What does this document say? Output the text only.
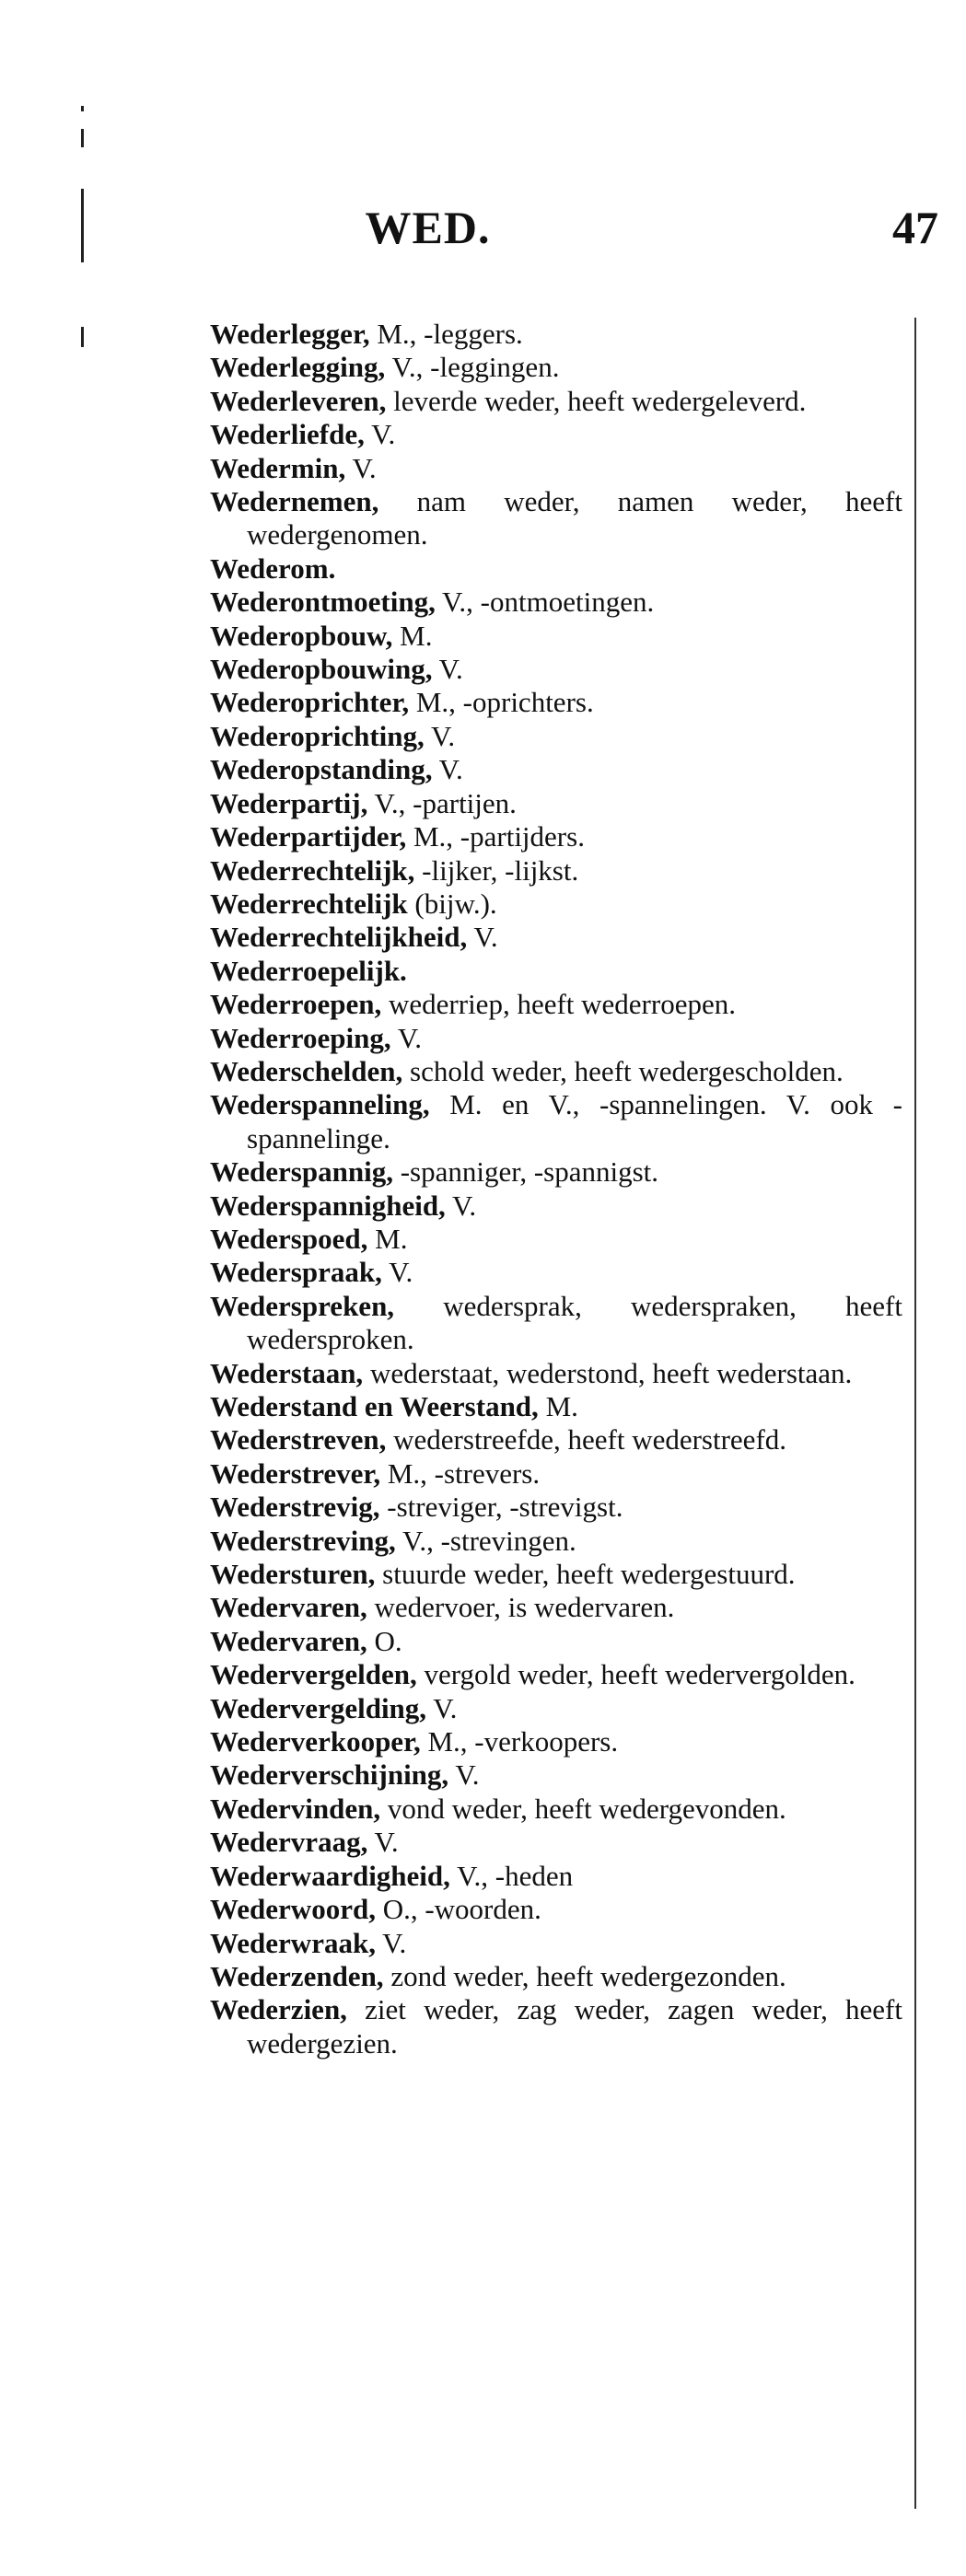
WED.	47

Wederlegger, M., -leggers.

Wederlegging, V., -leggingen.

Wederleveren, leverde weder, heeft wedergeleverd.

Wederliefde, V.

Wedermin, V.

Wedernemen, nam weder, namen weder, heeft wedergenomen.

Wederom.

Wederontmoeting, V., -ontmoetingen.

Wederopbouw, M.

Wederopbouwing, V.

Wederoprichter, M., -oprichters.

Wederoprichting, V.

Wederopstanding, V.

Wederpartij, V., -partijen.

Wederpartijder, M., -partijders.

Wederrechtelijk, -lijker, -lijkst.

Wederrechtelijk (bijw.).

Wederrechtelijkheid, V.

Wederroepelijk.

Wederroepen, wederriep, heeft wederroepen.

Wederroeping, V.

Wederschelden, schold weder, heeft wedergescholden.

Wederspanneling, M. en V., -spannelingen. V. ook -spannelinge.

Wederspannig, -spanniger, -spannigst.

Wederspannigheid, V.

Wederspoed, M.

Wederspraak, V.

Wederspreken, wedersprak, wederspraken, heeft wedersproken.

Wederstaan, wederstaat, wederstond, heeft wederstaan.

Wederstand en Weerstand, M.

Wederstreven, wederstreefde, heeft wederstreefd.

Wederstrever, M., -strevers.

Wederstrevig, -streviger, -strevigst.

Wederstreving, V., -strevingen.

Wedersturen, stuurde weder, heeft wedergestuurd.

Wedervaren, wedervoer, is wedervaren.

Wedervaren, O.

Wedervergelden, vergold weder, heeft wedervergolden.

Wedervergelding, V.

Wederverkooper, M., -verkoopers.

Wederverschijning, V.

Wedervinden, vond weder, heeft wedergevonden.

Wedervraag, V.

Wederwaardigheid, V., -heden

Wederwoord, O., -woorden.

Wederwraak, V.

Wederzenden, zond weder, heeft wedergezonden.

Wederzien, ziet weder, zag weder, zagen weder, heeft wedergezien.
